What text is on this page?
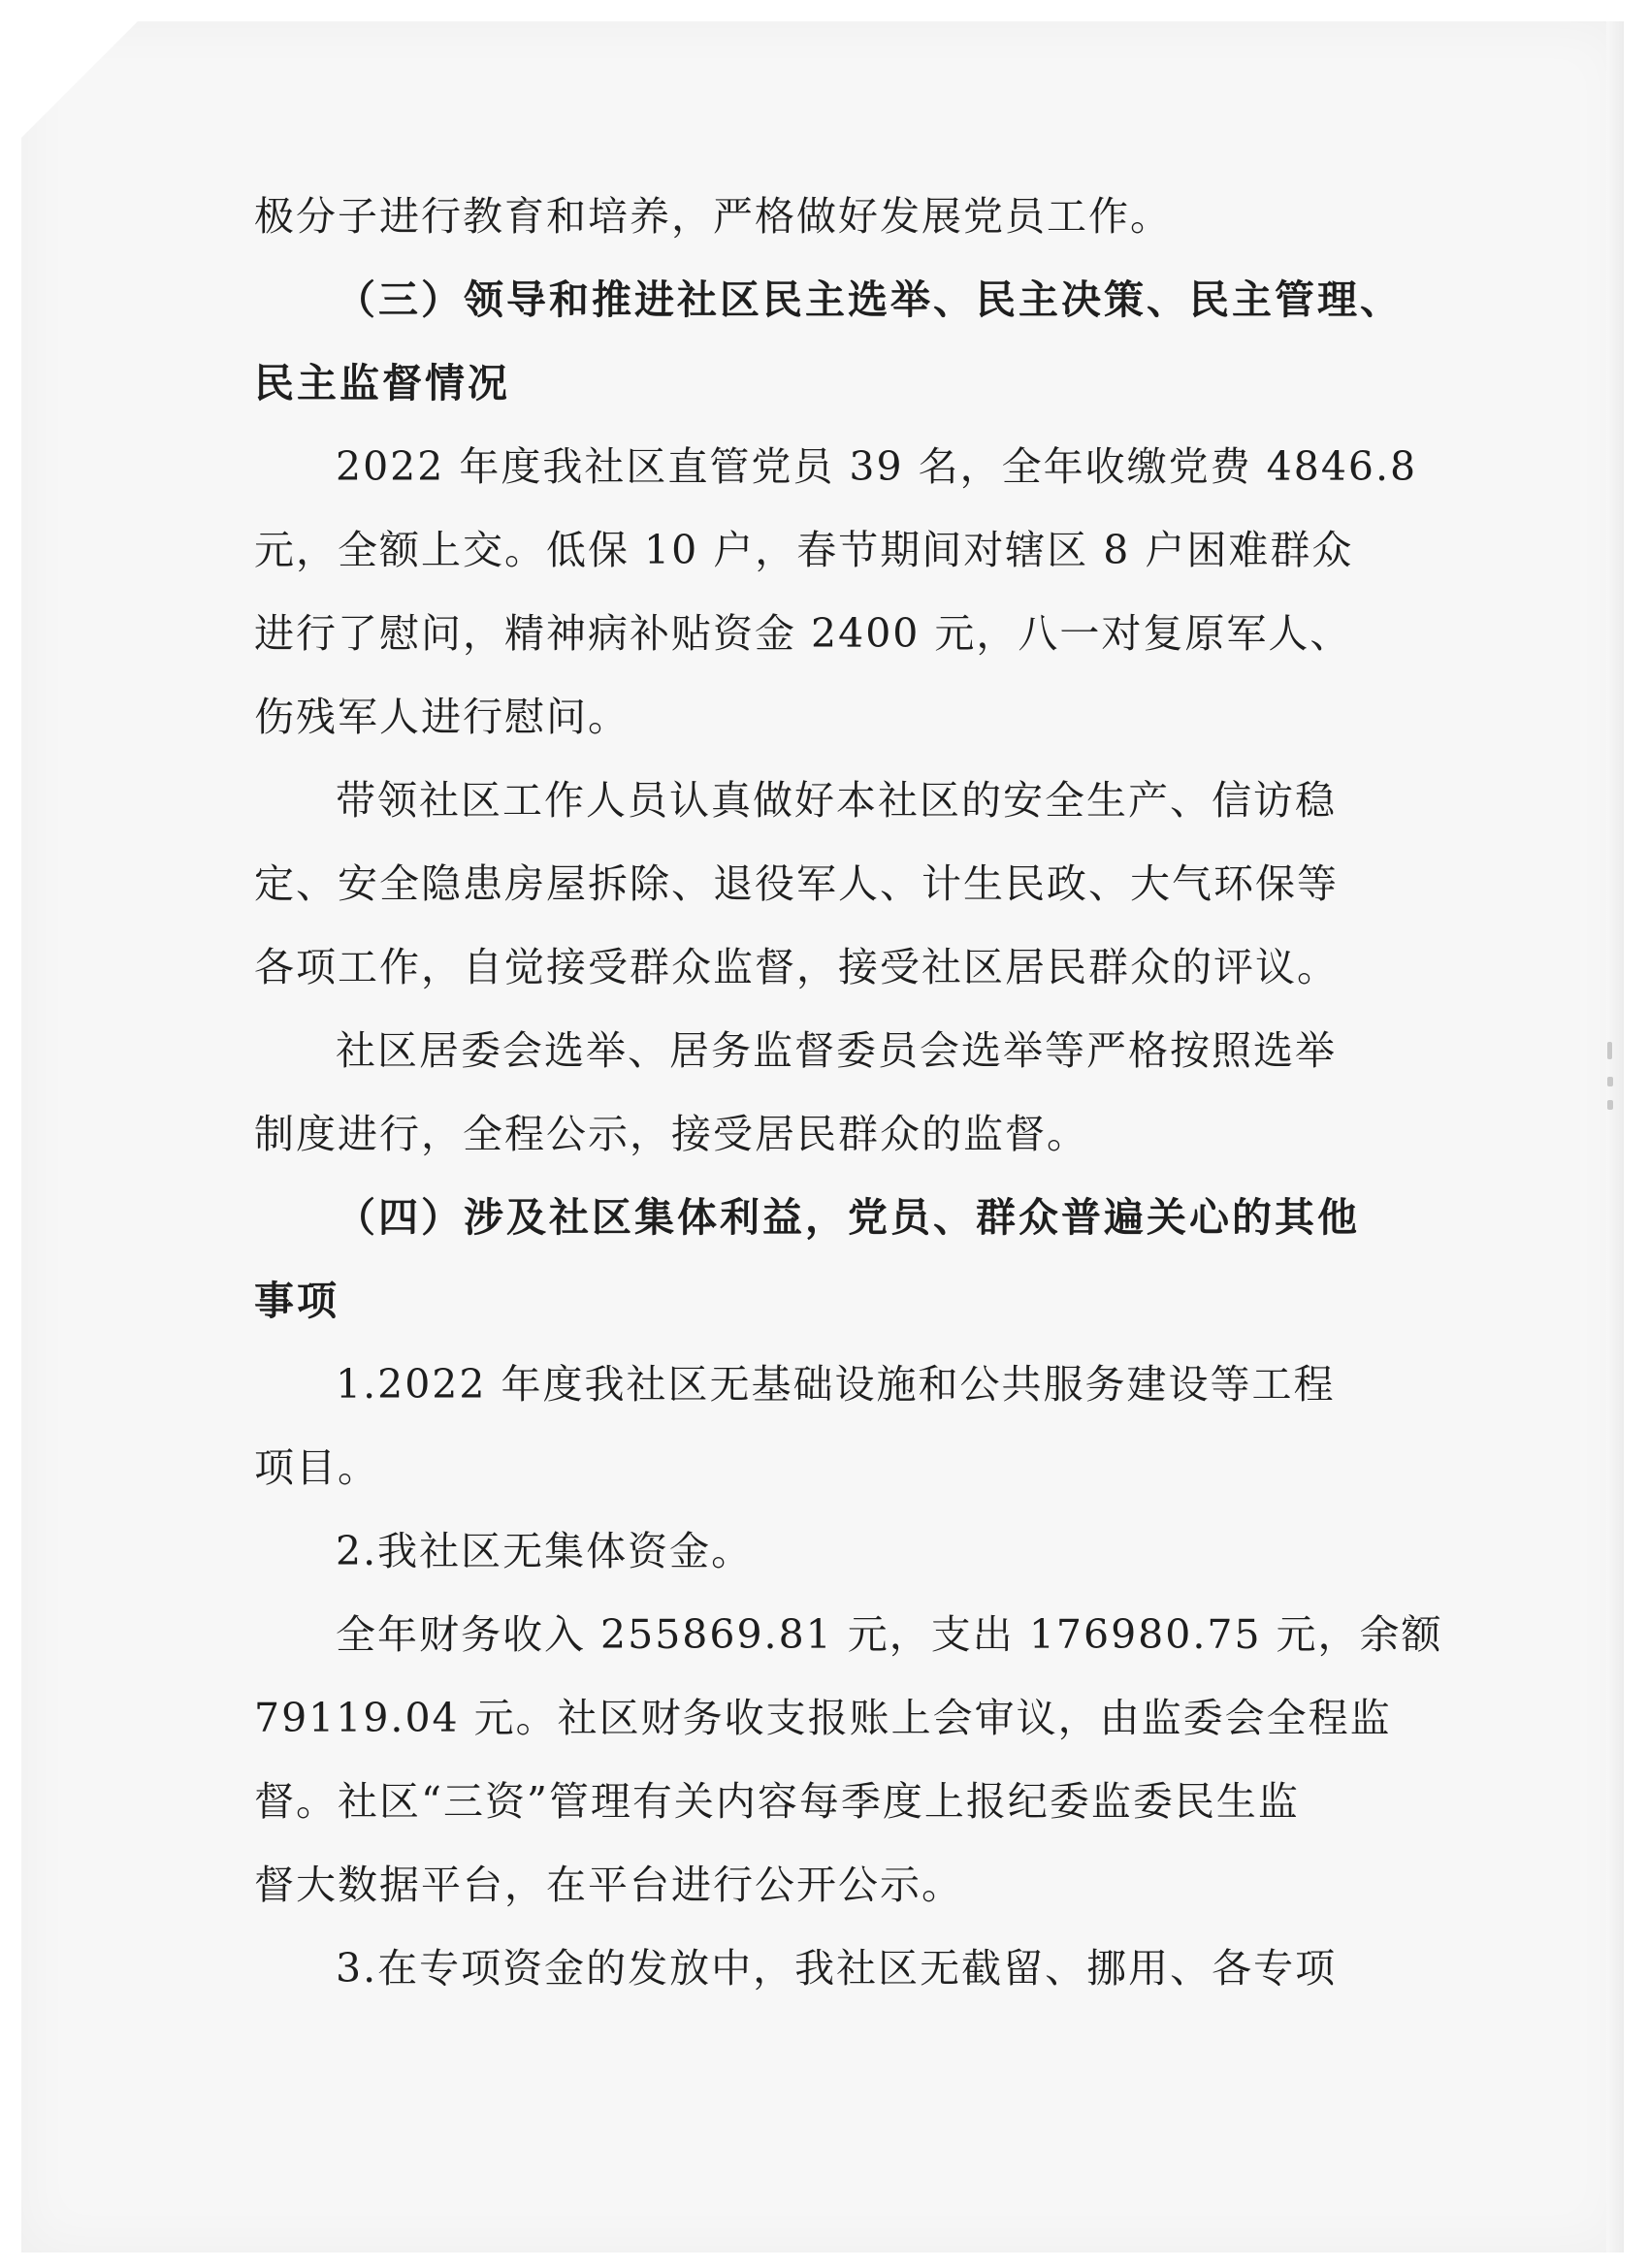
极分子进行教育和培养，严格做好发展党员工作。
（三）领导和推进社区民主选举、民主决策、民主管理、
民主监督情况
2022 年度我社区直管党员 39 名，全年收缴党费 4846.8
元，全额上交。低保 10 户，春节期间对辖区 8 户困难群众
进行了慰问，精神病补贴资金 2400 元，八一对复原军人、
伤残军人进行慰问。
带领社区工作人员认真做好本社区的安全生产、信访稳
定、安全隐患房屋拆除、退役军人、计生民政、大气环保等
各项工作，自觉接受群众监督，接受社区居民群众的评议。
社区居委会选举、居务监督委员会选举等严格按照选举
制度进行，全程公示，接受居民群众的监督。
（四）涉及社区集体利益，党员、群众普遍关心的其他
事项
1.2022 年度我社区无基础设施和公共服务建设等工程
项目。
2.我社区无集体资金。
全年财务收入 255869.81 元，支出 176980.75 元，余额
79119.04 元。社区财务收支报账上会审议，由监委会全程监
督。社区“三资”管理有关内容每季度上报纪委监委民生监
督大数据平台，在平台进行公开公示。
3.在专项资金的发放中，我社区无截留、挪用、各专项
